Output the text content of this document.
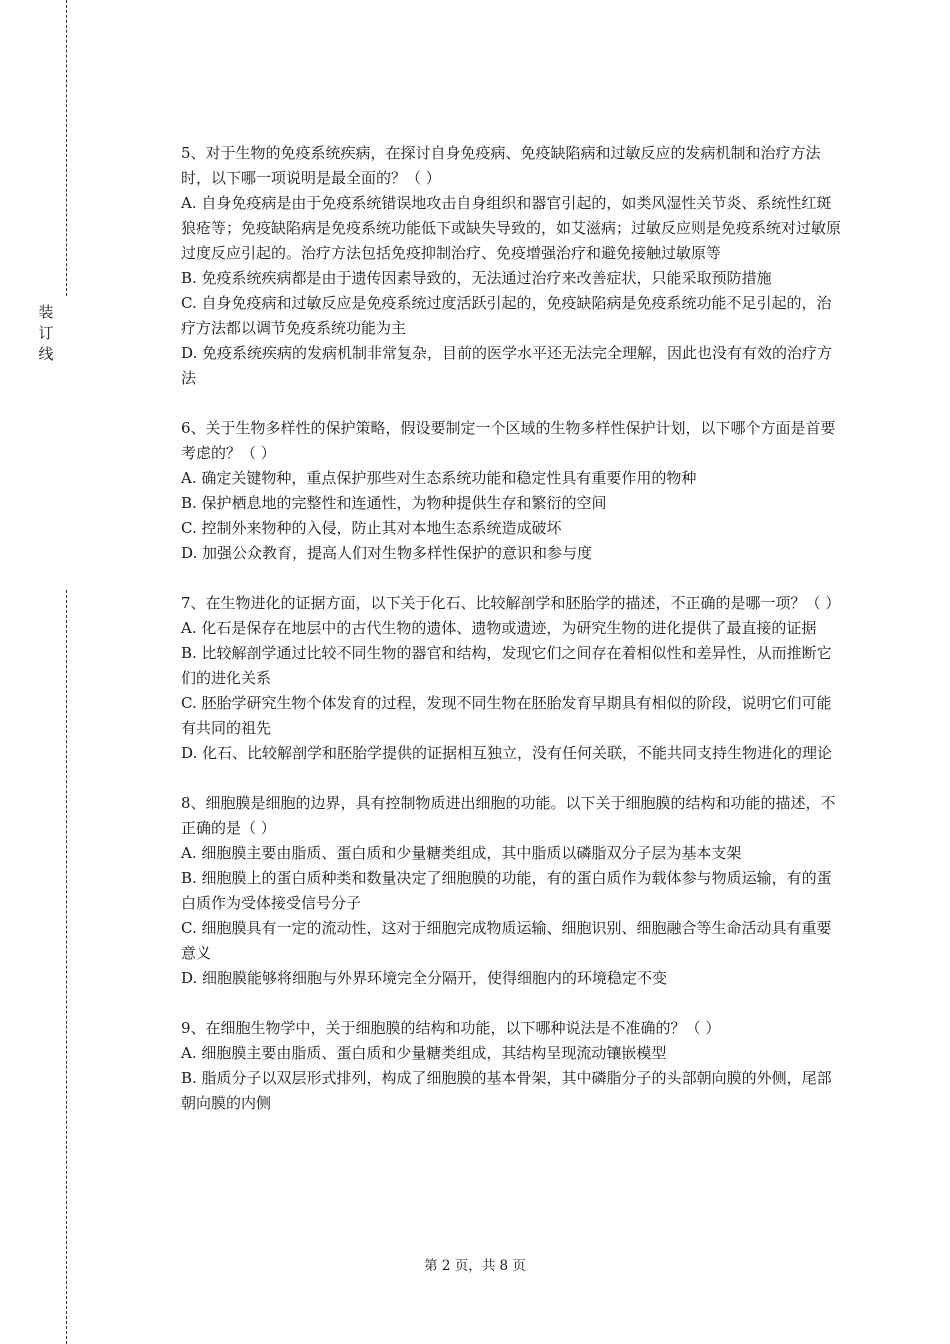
装
订
线

5、对于生物的免疫系统疾病，在探讨自身免疫病、免疫缺陷病和过敏反应的发病机制和治疗方法时，以下哪一项说明是最全面的？（ ）

A. 自身免疫病是由于免疫系统错误地攻击自身组织和器官引起的，如类风湿性关节炎、系统性红斑狼疮等；免疫缺陷病是免疫系统功能低下或缺失导致的，如艾滋病；过敏反应则是免疫系统对过敏原过度反应引起的。治疗方法包括免疫抑制治疗、免疫增强治疗和避免接触过敏原等

B. 免疫系统疾病都是由于遗传因素导致的，无法通过治疗来改善症状，只能采取预防措施

C. 自身免疫病和过敏反应是免疫系统过度活跃引起的，免疫缺陷病是免疫系统功能不足引起的，治疗方法都以调节免疫系统功能为主

D. 免疫系统疾病的发病机制非常复杂，目前的医学水平还无法完全理解，因此也没有有效的治疗方法

6、关于生物多样性的保护策略，假设要制定一个区域的生物多样性保护计划，以下哪个方面是首要考虑的？（ ）

A. 确定关键物种，重点保护那些对生态系统功能和稳定性具有重要作用的物种

B. 保护栖息地的完整性和连通性，为物种提供生存和繁衍的空间

C. 控制外来物种的入侵，防止其对本地生态系统造成破坏

D. 加强公众教育，提高人们对生物多样性保护的意识和参与度

7、在生物进化的证据方面，以下关于化石、比较解剖学和胚胎学的描述，不正确的是哪一项？（ ）

A. 化石是保存在地层中的古代生物的遗体、遗物或遗迹，为研究生物的进化提供了最直接的证据

B. 比较解剖学通过比较不同生物的器官和结构，发现它们之间存在着相似性和差异性，从而推断它们的进化关系

C. 胚胎学研究生物个体发育的过程，发现不同生物在胚胎发育早期具有相似的阶段，说明它们可能有共同的祖先

D. 化石、比较解剖学和胚胎学提供的证据相互独立，没有任何关联，不能共同支持生物进化的理论

8、细胞膜是细胞的边界，具有控制物质进出细胞的功能。以下关于细胞膜的结构和功能的描述，不正确的是（ ）

A. 细胞膜主要由脂质、蛋白质和少量糖类组成，其中脂质以磷脂双分子层为基本支架

B. 细胞膜上的蛋白质种类和数量决定了细胞膜的功能，有的蛋白质作为载体参与物质运输，有的蛋白质作为受体接受信号分子

C. 细胞膜具有一定的流动性，这对于细胞完成物质运输、细胞识别、细胞融合等生命活动具有重要意义

D. 细胞膜能够将细胞与外界环境完全分隔开，使得细胞内的环境稳定不变

9、在细胞生物学中，关于细胞膜的结构和功能，以下哪种说法是不准确的？（ ）

A. 细胞膜主要由脂质、蛋白质和少量糖类组成，其结构呈现流动镶嵌模型

B. 脂质分子以双层形式排列，构成了细胞膜的基本骨架，其中磷脂分子的头部朝向膜的外侧，尾部朝向膜的内侧

第 2 页，共 8 页
